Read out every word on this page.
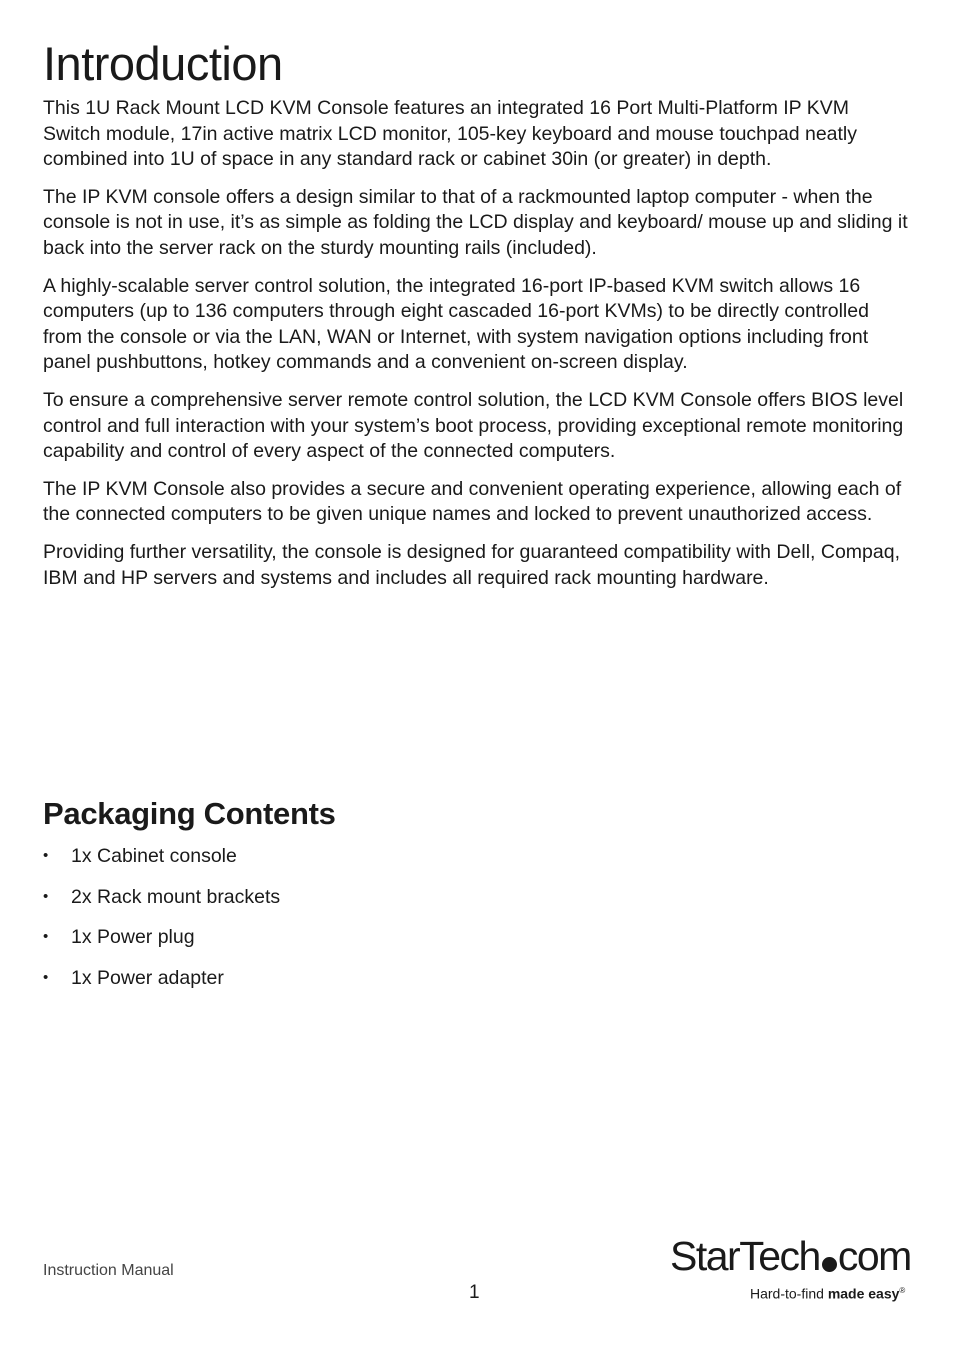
Introduction

This 1U Rack Mount LCD KVM Console features an integrated 16 Port Multi-Platform IP KVM Switch module, 17in active matrix LCD monitor, 105-key keyboard and mouse touchpad neatly combined into 1U of space in any standard rack or cabinet 30in (or greater) in depth.

The IP KVM console offers a design similar to that of a rackmounted laptop computer - when the console is not in use, it’s as simple as folding the LCD display and keyboard/ mouse up and sliding it back into the server rack on the sturdy mounting rails (included).

A highly-scalable server control solution, the integrated 16-port IP-based KVM switch allows 16 computers (up to 136 computers through eight cascaded 16-port KVMs) to be directly controlled from the console or via the LAN, WAN or Internet, with system navigation options including front panel pushbuttons, hotkey commands and a convenient on-screen display.

To ensure a comprehensive server remote control solution, the LCD KVM Console offers BIOS level control and full interaction with your system’s boot process, providing exceptional remote monitoring capability and control of every aspect of the connected computers.

The IP KVM Console also provides a secure and convenient operating experience, allowing each of the connected computers to be given unique names and locked to prevent unauthorized access.

Providing further versatility, the console is designed for guaranteed compatibility with Dell, Compaq, IBM and HP servers and systems and includes all required rack mounting hardware.

Packaging Contents
• 1x Cabinet console
• 2x Rack mount brackets
• 1x Power plug
• 1x Power adapter
Instruction Manual
1
StarTech com
Hard-to-find made easy®
